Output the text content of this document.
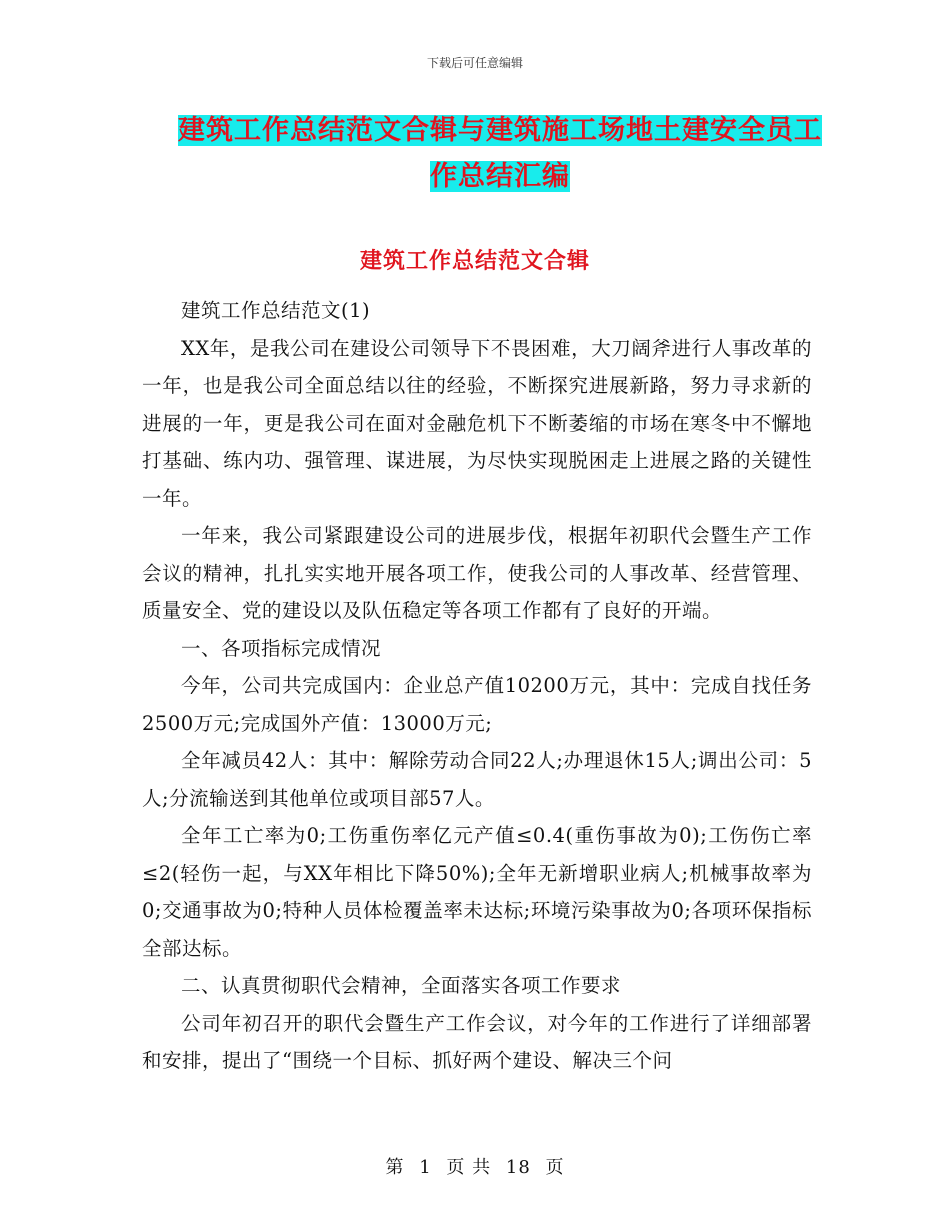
下载后可任意编辑
建筑工作总结范文合辑与建筑施工场地土建安全员工
作总结汇编
建筑工作总结范文合辑

建筑工作总结范文(1)

XX年，是我公司在建设公司领导下不畏困难，大刀阔斧进行人事改革的一年，也是我公司全面总结以往的经验，不断探究进展新路，努力寻求新的进展的一年，更是我公司在面对金融危机下不断萎缩的市场在寒冬中不懈地打基础、练内功、强管理、谋进展，为尽快实现脱困走上进展之路的关键性一年。

一年来，我公司紧跟建设公司的进展步伐，根据年初职代会暨生产工作会议的精神，扎扎实实地开展各项工作，使我公司的人事改革、经营管理、质量安全、党的建设以及队伍稳定等各项工作都有了良好的开端。

一、各项指标完成情况

今年，公司共完成国内：企业总产值10200万元，其中：完成自找任务2500万元;完成国外产值：13000万元;

全年减员42人：其中：解除劳动合同22人;办理退休15人;调出公司：5人;分流输送到其他单位或项目部57人。

全年工亡率为0;工伤重伤率亿元产值≤0.4(重伤事故为0);工伤伤亡率≤2(轻伤一起，与XX年相比下降50%);全年无新增职业病人;机械事故率为0;交通事故为0;特种人员体检覆盖率未达标;环境污染事故为0;各项环保指标全部达标。

二、认真贯彻职代会精神，全面落实各项工作要求

公司年初召开的职代会暨生产工作会议，对今年的工作进行了详细部署和安排，提出了“围绕一个目标、抓好两个建设、解决三个问

第 1 页 共 18 页
